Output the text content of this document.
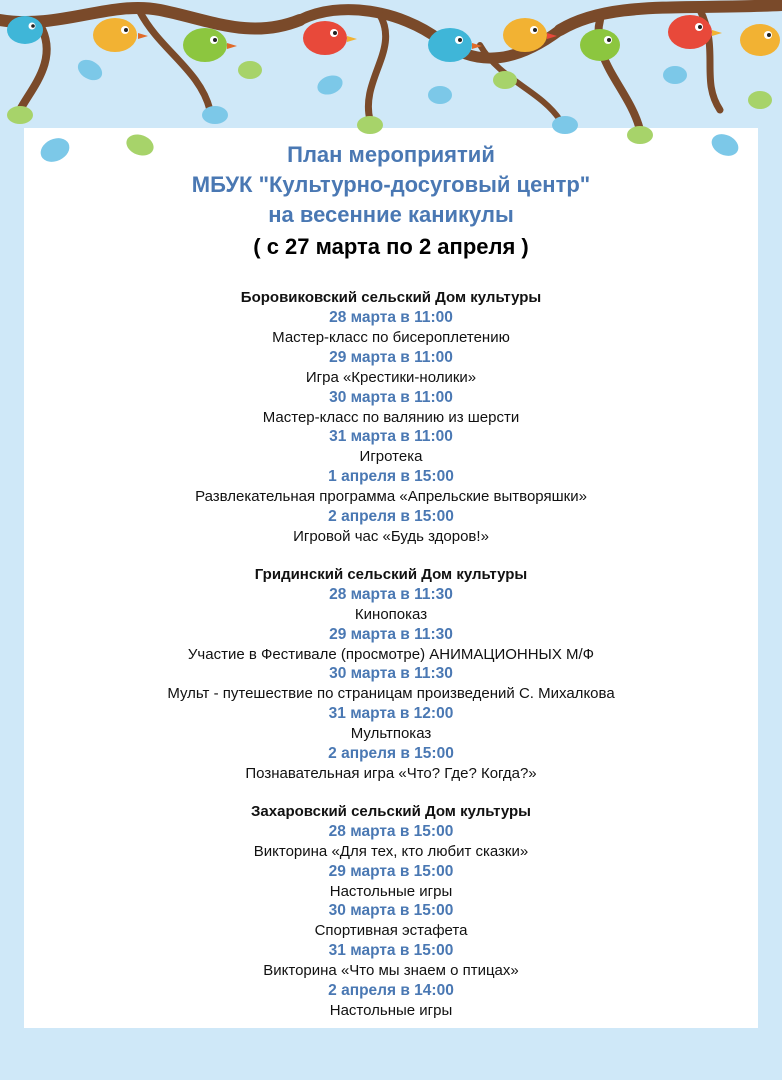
План мероприятий
МБУК "Культурно-досуговый центр"
на весенние каникулы
( с 27 марта по 2 апреля )
Боровиковский сельский Дом культуры
28 марта в 11:00
Мастер-класс по бисероплетению
29 марта в 11:00
Игра «Крестики-нолики»
30 марта в 11:00
Мастер-класс по валянию из шерсти
31 марта в 11:00
Игротека
1 апреля в 15:00
Развлекательная программа «Апрельские вытворяшки»
2 апреля в 15:00
Игровой час «Будь здоров!»
Гридинский сельский Дом культуры
28 марта в 11:30
Кинопоказ
29 марта в 11:30
Участие в Фестивале (просмотре) АНИМАЦИОННЫХ М/Ф
30 марта в 11:30
Мульт - путешествие по страницам произведений С. Михалкова
31 марта в 12:00
Мультпоказ
2 апреля в 15:00
Познавательная игра «Что? Где? Когда?»
Захаровский сельский Дом культуры
28 марта в 15:00
Викторина «Для тех, кто любит сказки»
29 марта в 15:00
Настольные игры
30 марта в 15:00
Спортивная эстафета
31 марта в 15:00
Викторина «Что мы знаем о птицах»
2 апреля в 14:00
Настольные игры
